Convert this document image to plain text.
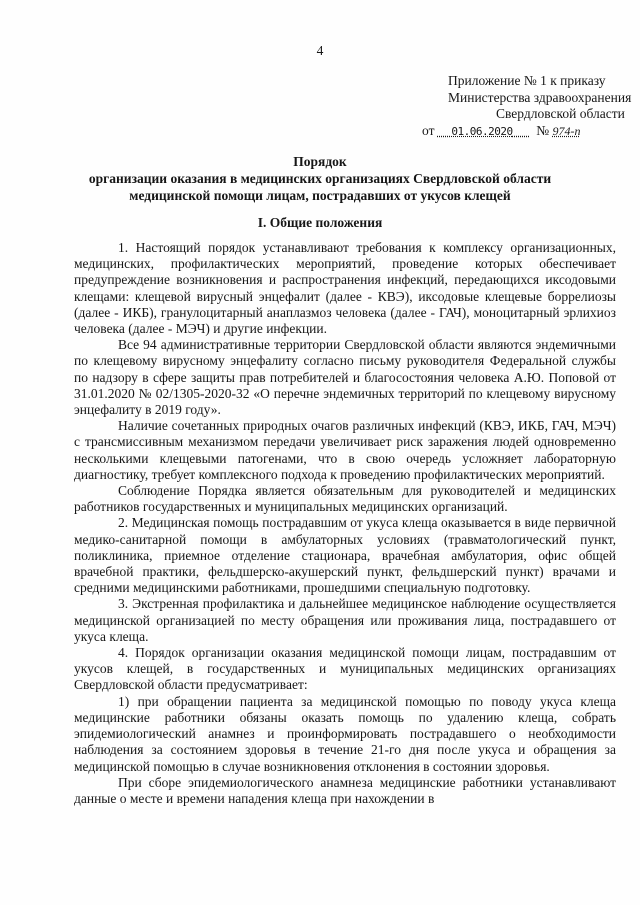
4
Приложение № 1 к приказу
Министерства здравоохранения
Свердловской области
от 01.06.2020 № 974-п
Порядок
организации оказания в медицинских организациях Свердловской области
медицинской помощи лицам, пострадавших от укусов клещей
I. Общие положения

1. Настоящий порядок устанавливают требования к комплексу организационных, медицинских, профилактических мероприятий, проведение которых обеспечивает предупреждение возникновения и распространения инфекций, передающихся иксодовыми клещами: клещевой вирусный энцефалит (далее - КВЭ), иксодовые клещевые боррелиозы (далее - ИКБ), гранулоцитарный анаплазмоз человека (далее - ГАЧ), моноцитарный эрлихиоз человека (далее - МЭЧ) и другие инфекции.

Все 94 административные территории Свердловской области являются эндемичными по клещевому вирусному энцефалиту согласно письму руководителя Федеральной службы по надзору в сфере защиты прав потребителей и благосостояния человека А.Ю. Поповой от 31.01.2020 № 02/1305-2020-32 «О перечне эндемичных территорий по клещевому вирусному энцефалиту в 2019 году».

Наличие сочетанных природных очагов различных инфекций (КВЭ, ИКБ, ГАЧ, МЭЧ) с трансмиссивным механизмом передачи увеличивает риск заражения людей одновременно несколькими клещевыми патогенами, что в свою очередь усложняет лабораторную диагностику, требует комплексного подхода к проведению профилактических мероприятий.

Соблюдение Порядка является обязательным для руководителей и медицинских работников государственных и муниципальных медицинских организаций.

2. Медицинская помощь пострадавшим от укуса клеща оказывается в виде первичной медико-санитарной помощи в амбулаторных условиях (травматологический пункт, поликлиника, приемное отделение стационара, врачебная амбулатория, офис общей врачебной практики, фельдшерско-акушерский пункт, фельдшерский пункт) врачами и средними медицинскими работниками, прошедшими специальную подготовку.

3. Экстренная профилактика и дальнейшее медицинское наблюдение осуществляется медицинской организацией по месту обращения или проживания лица, пострадавшего от укуса клеща.

4. Порядок организации оказания медицинской помощи лицам, пострадавшим от укусов клещей, в государственных и муниципальных медицинских организациях Свердловской области предусматривает:

1) при обращении пациента за медицинской помощью по поводу укуса клеща медицинские работники обязаны оказать помощь по удалению клеща, собрать эпидемиологический анамнез и проинформировать пострадавшего о необходимости наблюдения за состоянием здоровья в течение 21-го дня после укуса и обращения за медицинской помощью в случае возникновения отклонения в состоянии здоровья.

При сборе эпидемиологического анамнеза медицинские работники устанавливают данные о месте и времени нападения клеща при нахождении в
